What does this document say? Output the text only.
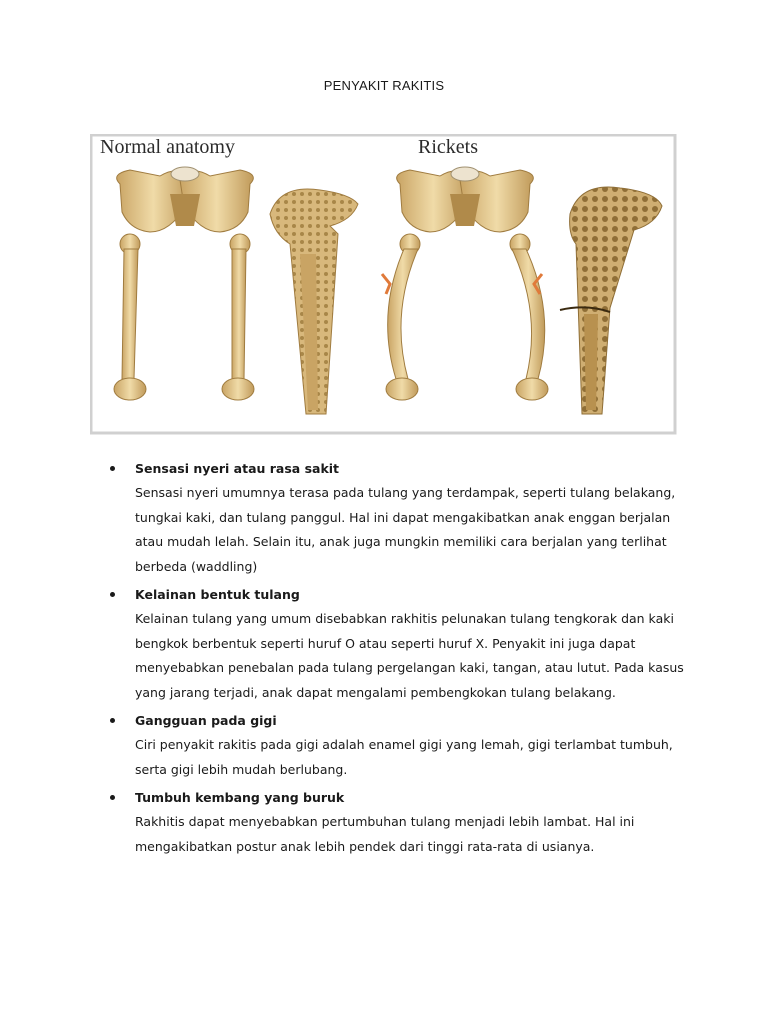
PENYAKIT RAKITIS
Normal anatomy	Rickets
Sensasi nyeri atau rasa sakit
Sensasi nyeri umumnya terasa pada tulang yang terdampak, seperti tulang belakang, tungkai kaki, dan tulang panggul. Hal ini dapat mengakibatkan anak enggan berjalan atau mudah lelah. Selain itu, anak juga mungkin memiliki cara berjalan yang terlihat berbeda (waddling)
Kelainan bentuk tulang
Kelainan tulang yang umum disebabkan rakhitis pelunakan tulang tengkorak dan kaki bengkok berbentuk seperti huruf O atau seperti huruf X. Penyakit ini juga dapat menyebabkan penebalan pada tulang pergelangan kaki, tangan, atau lutut. Pada kasus yang jarang terjadi, anak dapat mengalami pembengkokan tulang belakang.
Gangguan pada gigi
Ciri penyakit rakitis pada gigi adalah enamel gigi yang lemah, gigi terlambat tumbuh, serta gigi lebih mudah berlubang.
Tumbuh kembang yang buruk
Rakhitis dapat menyebabkan pertumbuhan tulang menjadi lebih lambat. Hal ini mengakibatkan postur anak lebih pendek dari tinggi rata-rata di usianya.
